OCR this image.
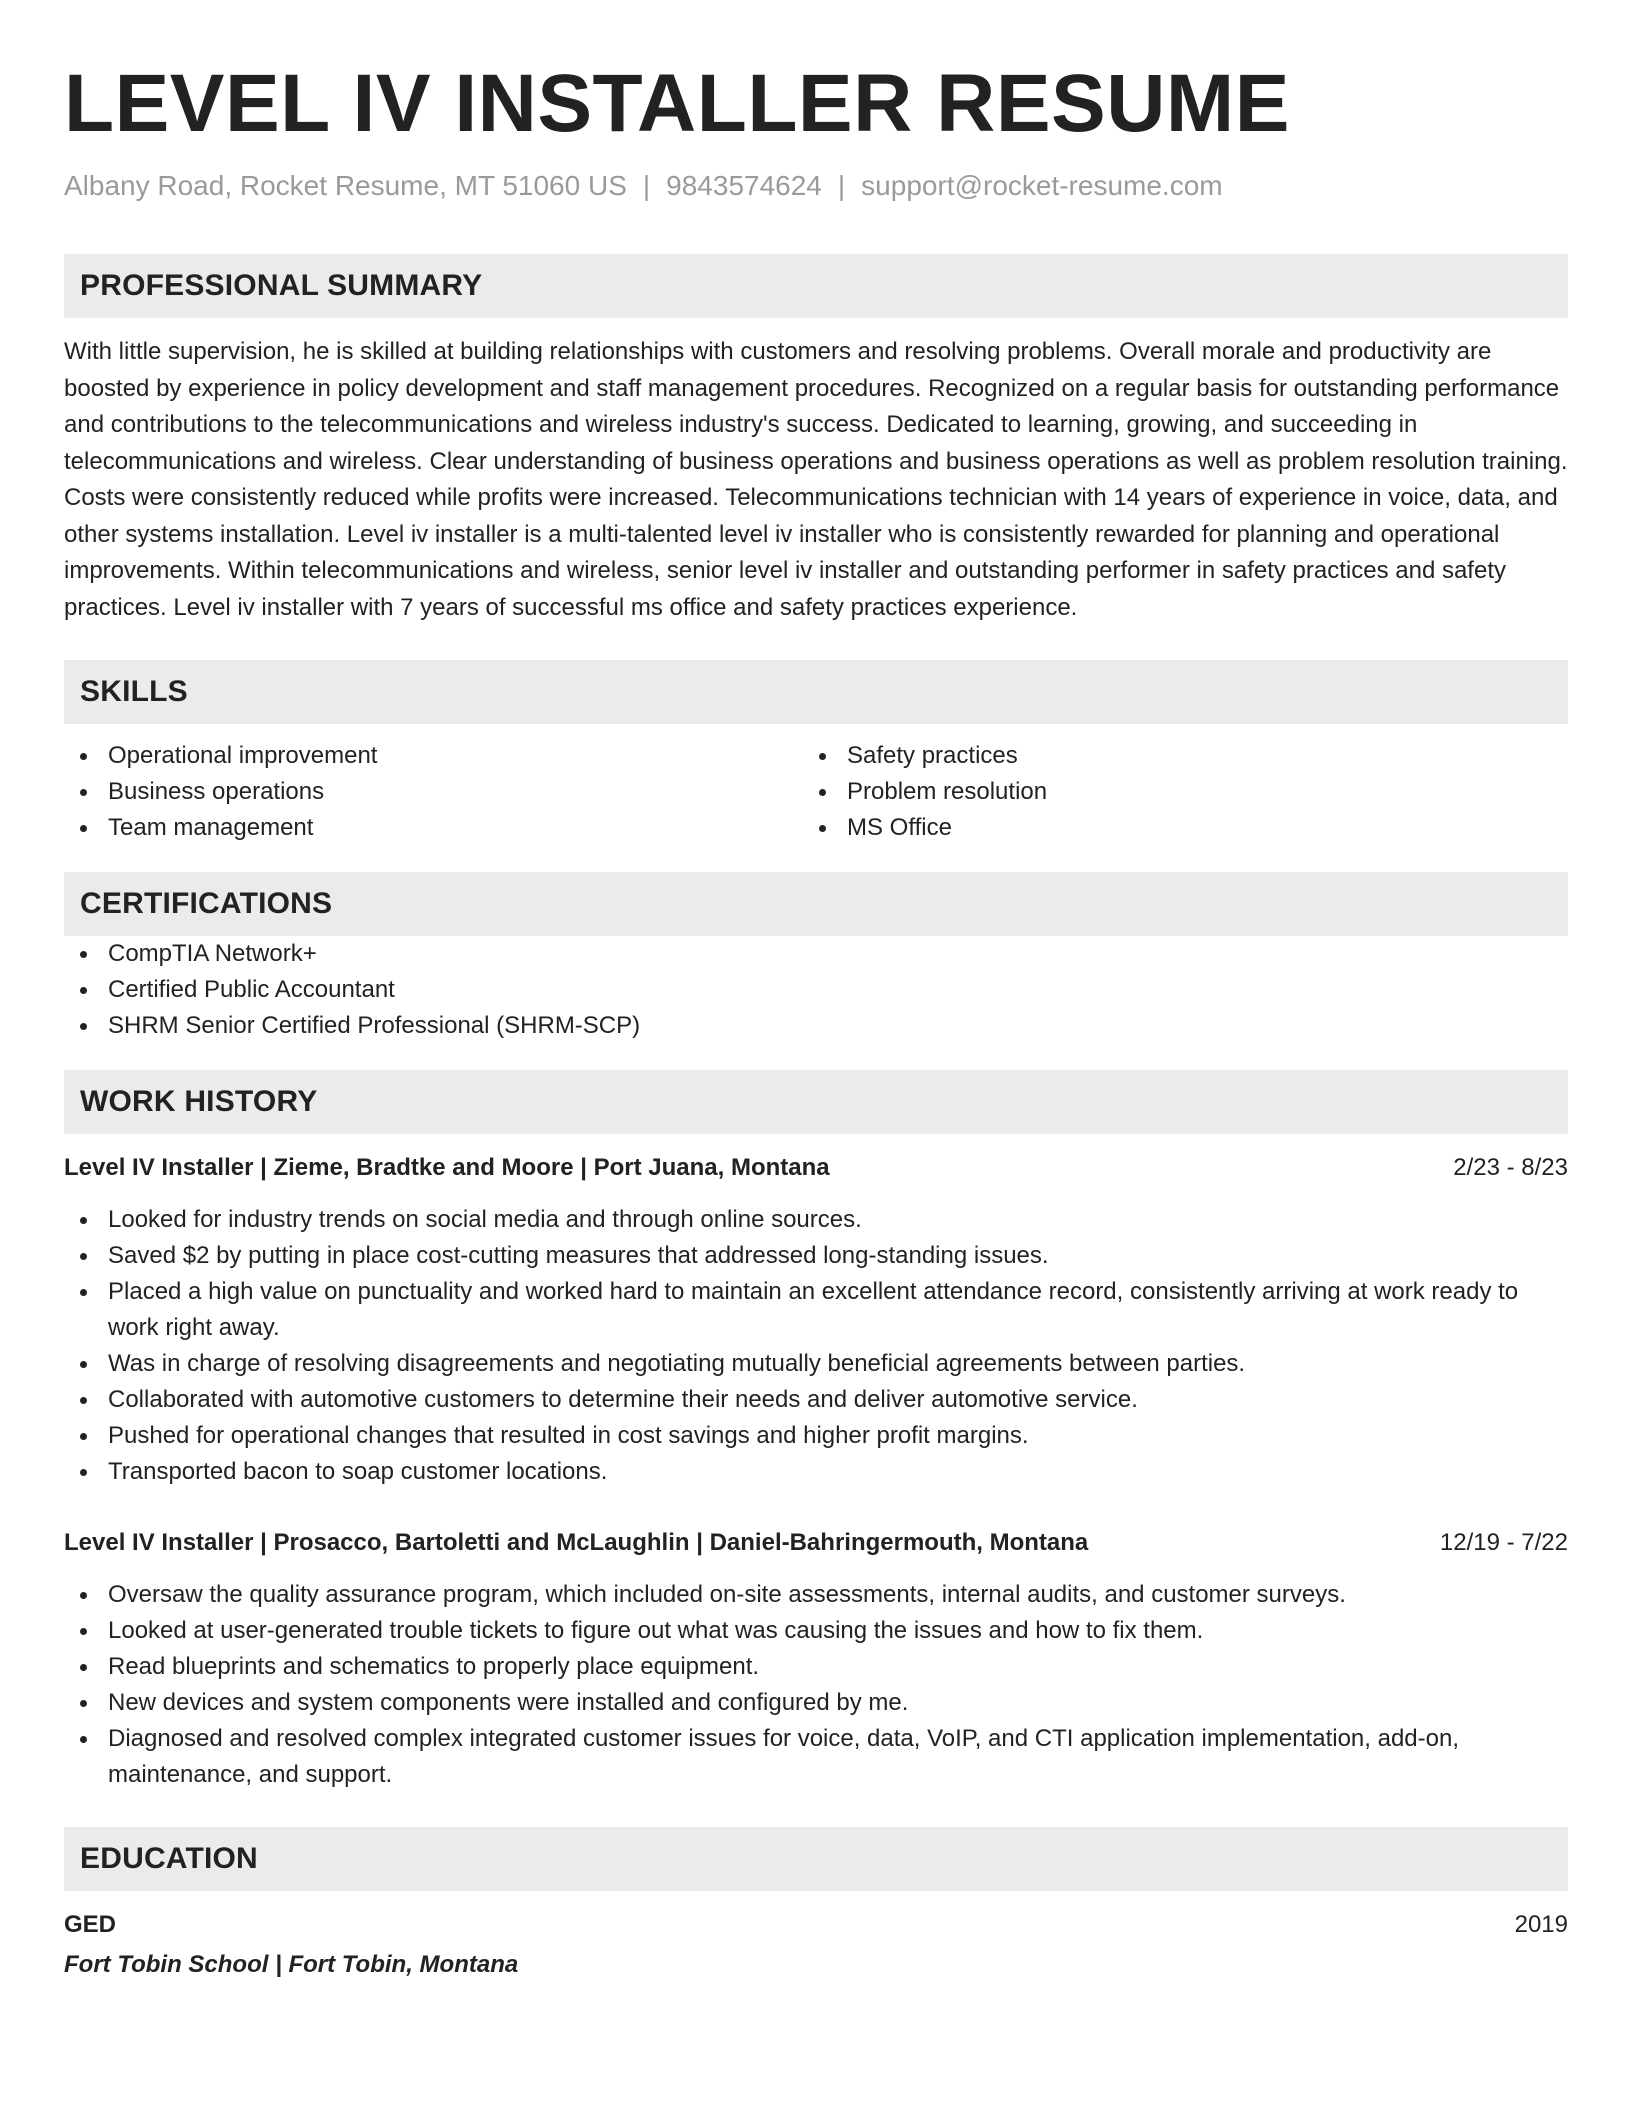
LEVEL IV INSTALLER RESUME
Albany Road, Rocket Resume, MT 51060 US | 9843574624 | support@rocket-resume.com
PROFESSIONAL SUMMARY
With little supervision, he is skilled at building relationships with customers and resolving problems. Overall morale and productivity are boosted by experience in policy development and staff management procedures. Recognized on a regular basis for outstanding performance and contributions to the telecommunications and wireless industry's success. Dedicated to learning, growing, and succeeding in telecommunications and wireless. Clear understanding of business operations and business operations as well as problem resolution training. Costs were consistently reduced while profits were increased. Telecommunications technician with 14 years of experience in voice, data, and other systems installation. Level iv installer is a multi-talented level iv installer who is consistently rewarded for planning and operational improvements. Within telecommunications and wireless, senior level iv installer and outstanding performer in safety practices and safety practices. Level iv installer with 7 years of successful ms office and safety practices experience.
SKILLS
Operational improvement
Business operations
Team management
Safety practices
Problem resolution
MS Office
CERTIFICATIONS
CompTIA Network+
Certified Public Accountant
SHRM Senior Certified Professional (SHRM-SCP)
WORK HISTORY
Level IV Installer | Zieme, Bradtke and Moore | Port Juana, Montana	2/23 - 8/23
Looked for industry trends on social media and through online sources.
Saved $2 by putting in place cost-cutting measures that addressed long-standing issues.
Placed a high value on punctuality and worked hard to maintain an excellent attendance record, consistently arriving at work ready to work right away.
Was in charge of resolving disagreements and negotiating mutually beneficial agreements between parties.
Collaborated with automotive customers to determine their needs and deliver automotive service.
Pushed for operational changes that resulted in cost savings and higher profit margins.
Transported bacon to soap customer locations.
Level IV Installer | Prosacco, Bartoletti and McLaughlin | Daniel-Bahringermouth, Montana	12/19 - 7/22
Oversaw the quality assurance program, which included on-site assessments, internal audits, and customer surveys.
Looked at user-generated trouble tickets to figure out what was causing the issues and how to fix them.
Read blueprints and schematics to properly place equipment.
New devices and system components were installed and configured by me.
Diagnosed and resolved complex integrated customer issues for voice, data, VoIP, and CTI application implementation, add-on, maintenance, and support.
EDUCATION
GED	2019
Fort Tobin School | Fort Tobin, Montana
